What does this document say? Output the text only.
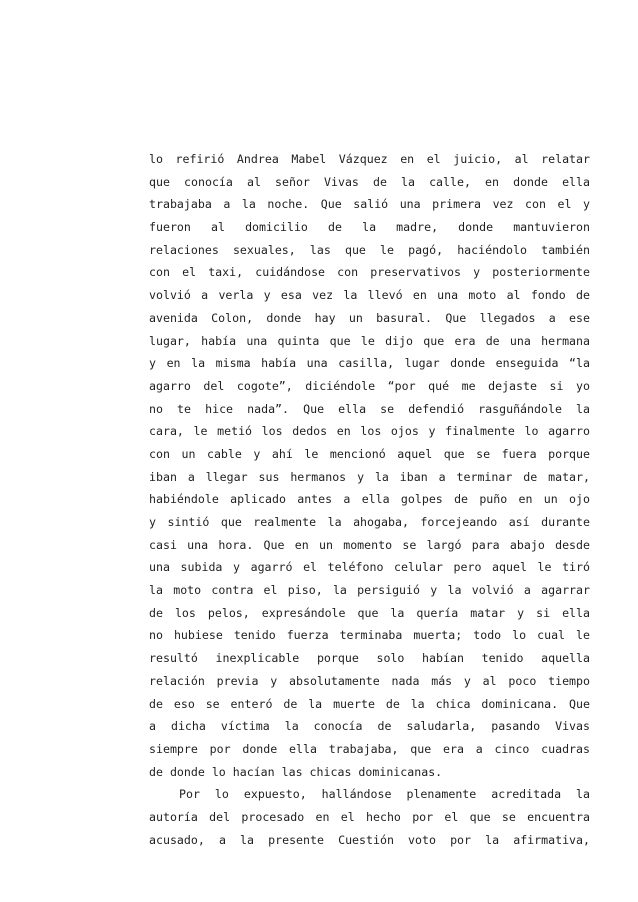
lo refirió Andrea Mabel Vázquez en el juicio, al relatar
que conocía al señor Vivas de la calle, en donde ella
trabajaba a la noche. Que salió una primera vez con el y
fueron al domicilio de la madre, donde mantuvieron
relaciones sexuales, las que le pagó, haciéndolo también
con el taxi, cuidándose con preservativos y posteriormente
volvió a verla y esa vez la llevó en una moto al fondo de
avenida Colon, donde hay un basural. Que llegados a ese
lugar, había una quinta que le dijo que era de una hermana
y en la misma había una casilla, lugar donde enseguida “la
agarro del cogote”, diciéndole “por qué me dejaste si yo
no te hice nada”. Que ella se defendió rasguñándole la
cara, le metió los dedos en los ojos y finalmente lo agarro
con un cable y ahí le mencionó aquel que se fuera porque
iban a llegar sus hermanos y la iban a terminar de matar,
habiéndole aplicado antes a ella golpes de puño en un ojo
y sintió que realmente la ahogaba, forcejeando así durante
casi una hora. Que en un momento se largó para abajo desde
una subida y agarró el teléfono celular pero aquel le tiró
la moto contra el piso, la persiguió y la volvió a agarrar
de los pelos, expresándole que la quería matar y si ella
no hubiese tenido fuerza terminaba muerta; todo lo cual le
resultó inexplicable porque solo habían tenido aquella
relación previa y absolutamente nada más y al poco tiempo
de eso se enteró de la muerte de la chica dominicana. Que
a dicha víctima la conocía de saludarla, pasando Vivas
siempre por donde ella trabajaba, que era a cinco cuadras
de donde lo hacían las chicas dominicanas.
Por lo expuesto, hallándose plenamente acreditada la
autoría del procesado en el hecho por el que se encuentra
acusado, a la presente Cuestión voto por la afirmativa,
